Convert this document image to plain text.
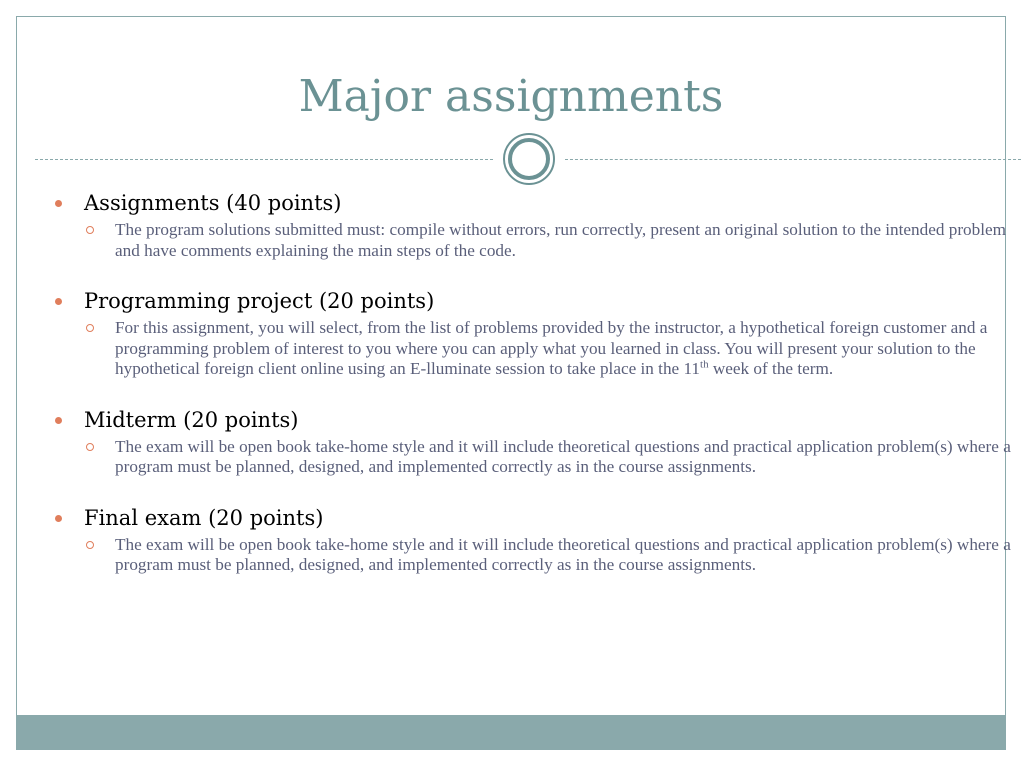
Major assignments
Assignments (40 points)
The program solutions submitted must: compile without errors, run correctly, present an original solution to the intended problem and have comments explaining the main steps of the code.
Programming project (20 points)
For this assignment, you will select, from the list of problems provided by the instructor, a hypothetical foreign customer and a programming problem of interest to you where you can apply what you learned in class. You will present your solution to the hypothetical foreign client online using an E-lluminate session to take place in the 11th week of the term.
Midterm (20 points)
The exam will be open book take-home style and it will include theoretical questions and practical application problem(s) where a program must be planned, designed, and implemented correctly as in the course assignments.
Final exam (20 points)
The exam will be open book take-home style and it will include theoretical questions and practical application problem(s) where a program must be planned, designed, and implemented correctly as in the course assignments.
